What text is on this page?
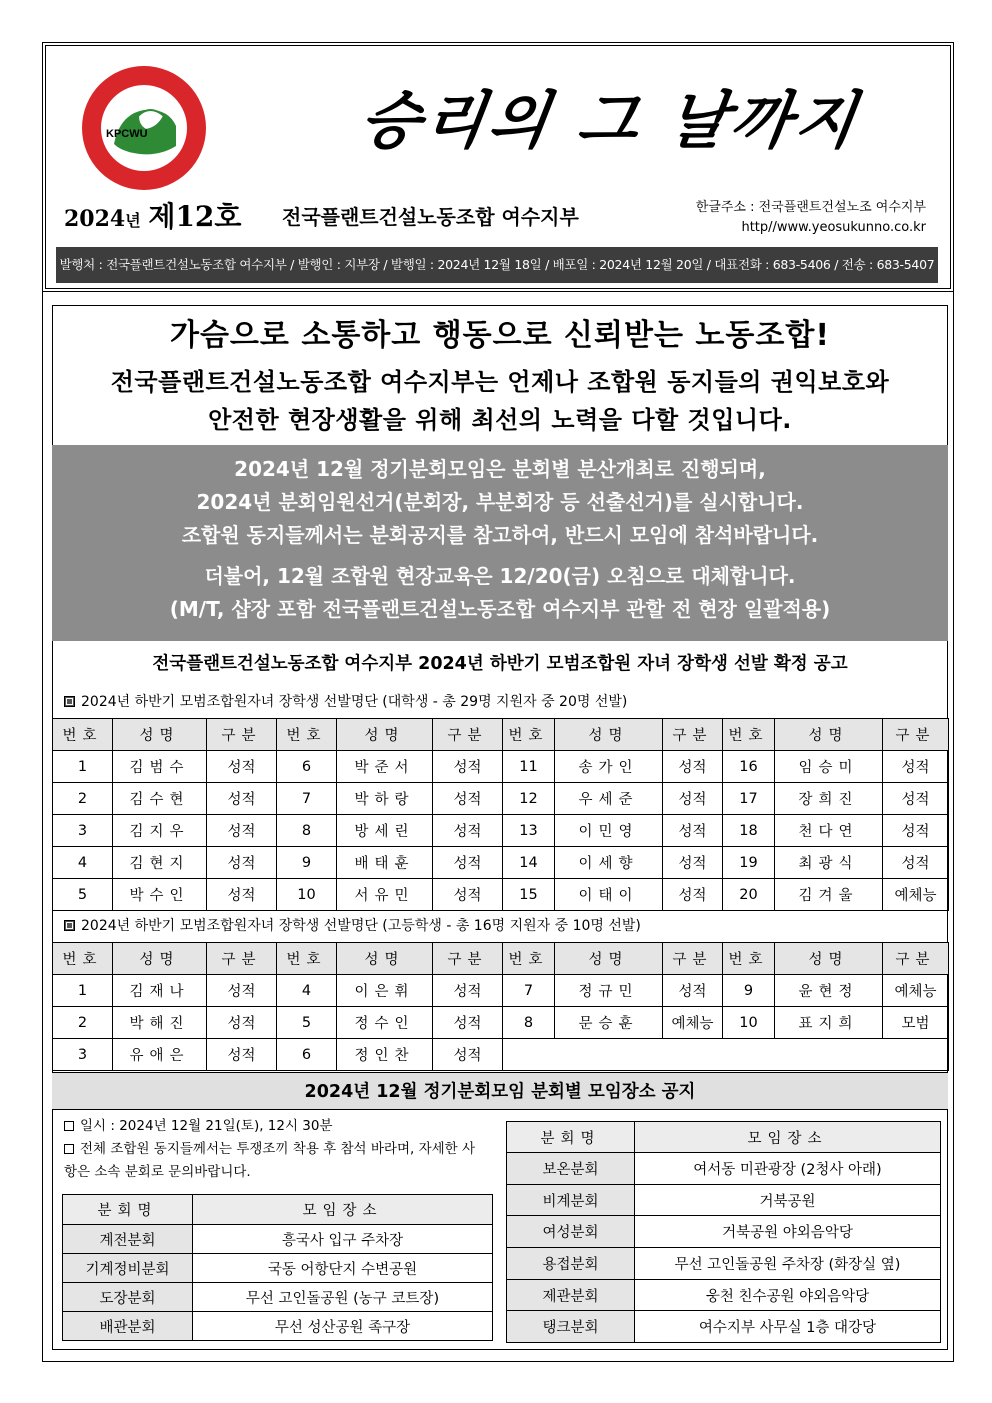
KPCWU	승리의 그 날까지
2024년 제12호 전국플랜트건설노동조합 여수지부	한글주소 : 전국플랜트건설노조 여수지부
http//www.yeosukunno.co.kr
발행처 : 전국플랜트건설노동조합 여수지부 / 발행인 : 지부장 / 발행일 : 2024년 12월 18일 / 배포일 : 2024년 12월 20일 / 대표전화 : 683-5406 / 전송 : 683-5407
가슴으로 소통하고 행동으로 신뢰받는 노동조합!
전국플랜트건설노동조합 여수지부는 언제나 조합원 동지들의 권익보호와
안전한 현장생활을 위해 최선의 노력을 다할 것입니다.
2024년 12월 정기분회모임은 분회별 분산개최로 진행되며,
2024년 분회임원선거(분회장, 부분회장 등 선출선거)를 실시합니다.
조합원 동지들께서는 분회공지를 참고하여, 반드시 모임에 참석바랍니다.
더불어, 12월 조합원 현장교육은 12/20(금) 오침으로 대체합니다.
(M/T, 샵장 포함 전국플랜트건설노동조합 여수지부 관할 전 현장 일괄적용)
전국플랜트건설노동조합 여수지부 2024년 하반기 모범조합원 자녀 장학생 선발 확정 공고
2024년 하반기 모범조합원자녀 장학생 선발명단 (대학생 - 총 29명 지원자 중 20명 선발)
번호	성명	구분	번호	성명	구분	번호	성명	구분	번호	성명	구분
1	김범수	성적	6	박준서	성적	11	송가인	성적	16	임승미	성적
2	김수현	성적	7	박하랑	성적	12	우세준	성적	17	장희진	성적
3	김지우	성적	8	방세린	성적	13	이민영	성적	18	천다연	성적
4	김현지	성적	9	배태훈	성적	14	이세향	성적	19	최광식	성적
5	박수인	성적	10	서유민	성적	15	이태이	성적	20	김겨울	예체능
2024년 하반기 모범조합원자녀 장학생 선발명단 (고등학생 - 총 16명 지원자 중 10명 선발)
번호	성명	구분	번호	성명	구분	번호	성명	구분	번호	성명	구분
1	김재나	성적	4	이은휘	성적	7	정규민	성적	9	윤현정	예체능
2	박해진	성적	5	정수인	성적	8	문승훈	예체능	10	표지희	모범
3	유애은	성적	6	정인찬	성적						
2024년 12월 정기분회모임 분회별 모임장소 공지
일시 : 2024년 12월 21일(토), 12시 30분
전체 조합원 동지들께서는 투쟁조끼 착용 후 참석 바라며, 자세한 사항은 소속 분회로 문의바랍니다.
분회명	모임장소
계전분회	흥국사 입구 주차장
기계정비분회	국동 어항단지 수변공원
도장분회	무선 고인돌공원 (농구 코트장)
배관분회	무선 성산공원 족구장
분회명	모임장소
보온분회	여서동 미관광장 (2청사 아래)
비계분회	거북공원
여성분회	거북공원 야외음악당
용접분회	무선 고인돌공원 주차장 (화장실 옆)
제관분회	웅천 친수공원 야외음악당
탱크분회	여수지부 사무실 1층 대강당
